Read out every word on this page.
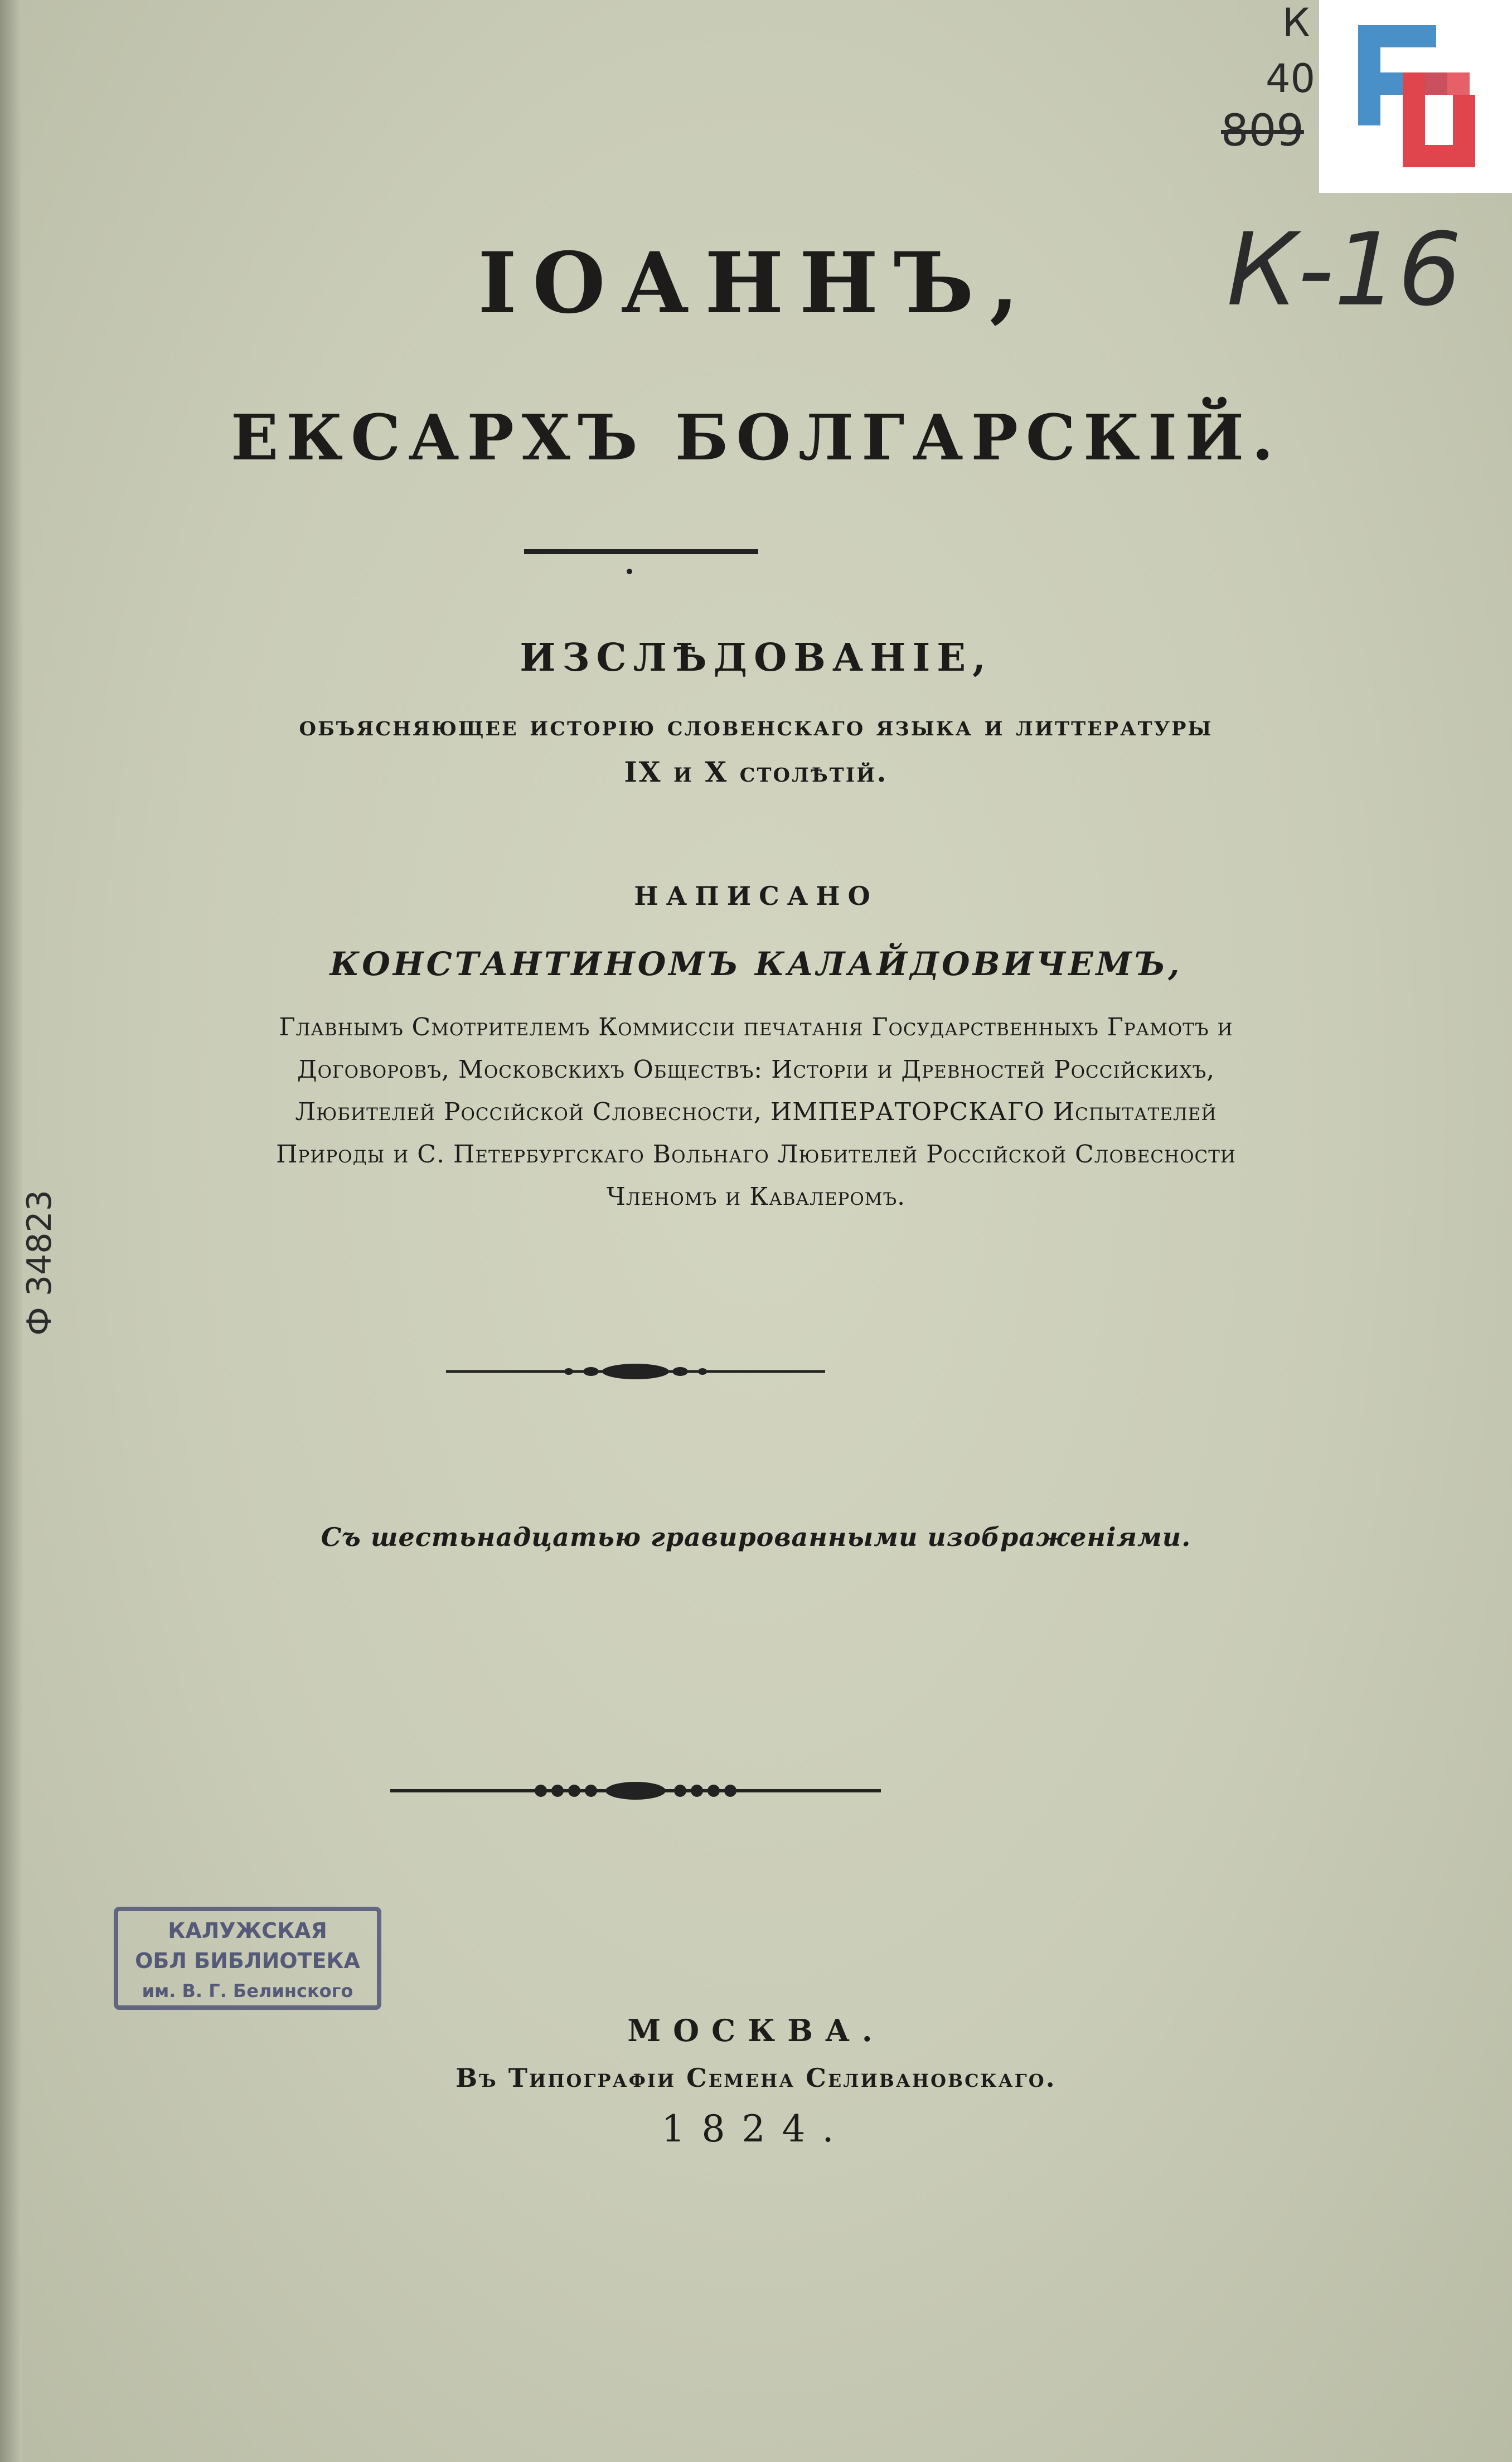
ІОАННЪ,
ЕКСАРХЪ БОЛГАРСКІЙ.
ИЗСЛѢДОВАНІЕ,
объясняющее исторію словенскаго языка и литтературы
IX и X столѣтій.
НАПИСАНО
КОНСТАНТИНОМЪ КАЛАЙДОВИЧЕМЪ,
Главнымъ Смотрителемъ Коммиссіи печатанія Государственныхъ Грамотъ и
Договоровъ, Московскихъ Обществъ: Исторіи и Древностей Россійскихъ,
Любителей Россійской Словесности, ИМПЕРАТОРСКАГО Испытателей
Природы и С. Петербургскаго Вольнаго Любителей Россійской Словесности
Членомъ и Кавалеромъ.
Съ шестьнадцатью гравированными изображеніями.
КАЛУЖСКАЯ
ОБЛ БИБЛИОТЕКА
им. В. Г. Белинского
МОСКВА.
Въ Типографіи Семена Селивановскаго.
1824.
К
40
809
К-16
Ф 34823
